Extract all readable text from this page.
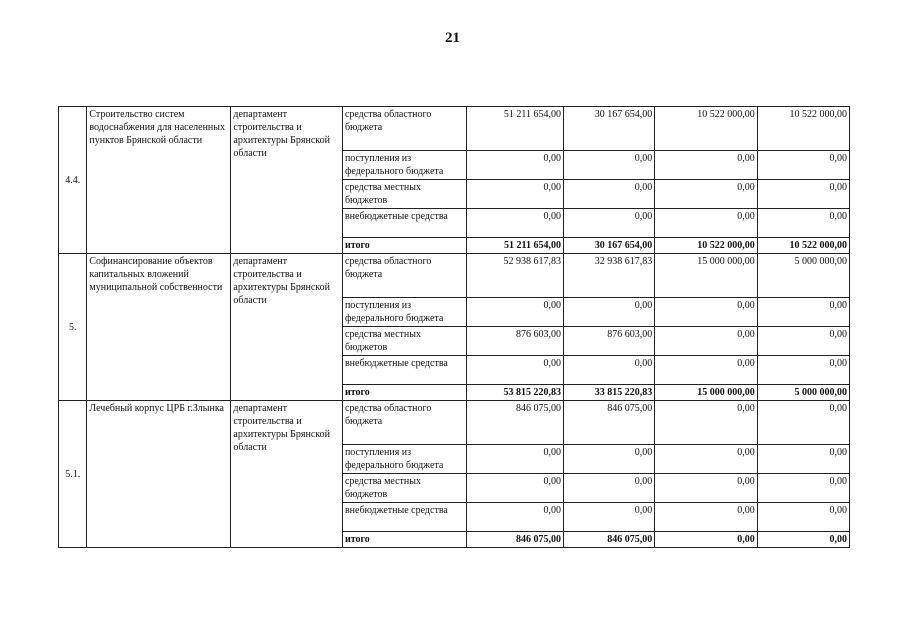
21
4.4.	Строительство систем водоснабжения для населенных пунктов Брянской области	департамент строительства и архитектуры Брянской области	средства областного бюджета	51 211 654,00	30 167 654,00	10 522 000,00	10 522 000,00
			поступления из федерального бюджета	0,00	0,00	0,00	0,00
			средства местных бюджетов	0,00	0,00	0,00	0,00
			внебюджетные средства	0,00	0,00	0,00	0,00
			итого	51 211 654,00	30 167 654,00	10 522 000,00	10 522 000,00
5.	Софинансирование объектов капитальных вложений муниципальной собственности	департамент строительства и архитектуры Брянской области	средства областного бюджета	52 938 617,83	32 938 617,83	15 000 000,00	5 000 000,00
			поступления из федерального бюджета	0,00	0,00	0,00	0,00
			средства местных бюджетов	876 603,00	876 603,00	0,00	0,00
			внебюджетные средства	0,00	0,00	0,00	0,00
			итого	53 815 220,83	33 815 220,83	15 000 000,00	5 000 000,00
5.1.	Лечебный корпус ЦРБ г.Злынка	департамент строительства и архитектуры Брянской области	средства областного бюджета	846 075,00	846 075,00	0,00	0,00
			поступления из федерального бюджета	0,00	0,00	0,00	0,00
			средства местных бюджетов	0,00	0,00	0,00	0,00
			внебюджетные средства	0,00	0,00	0,00	0,00
			итого	846 075,00	846 075,00	0,00	0,00
